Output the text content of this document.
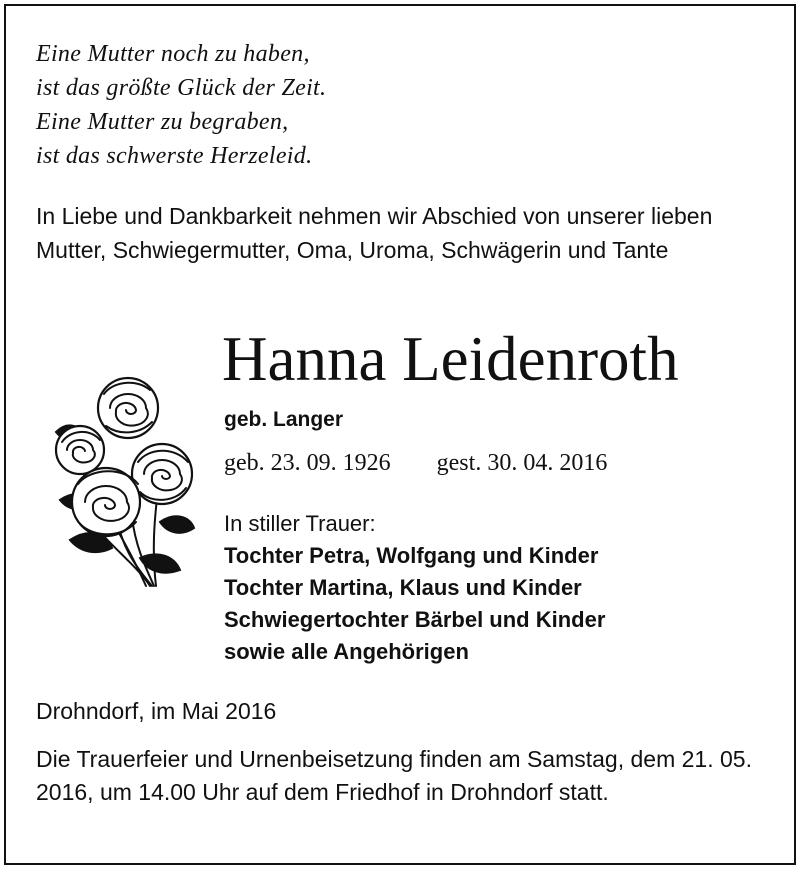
Eine Mutter noch zu haben,
ist das größte Glück der Zeit.
Eine Mutter zu begraben,
ist das schwerste Herzeleid.
In Liebe und Dankbarkeit nehmen wir Abschied von unserer lieben Mutter, Schwiegermutter, Oma, Uroma, Schwägerin und Tante
Hanna Leidenroth
geb. Langer
geb. 23. 09. 1926 gest. 30. 04. 2016
In stiller Trauer:
Tochter Petra, Wolfgang und Kinder
Tochter Martina, Klaus und Kinder
Schwiegertochter Bärbel und Kinder
sowie alle Angehörigen
Drohndorf, im Mai 2016
Die Trauerfeier und Urnenbeisetzung finden am Samstag, dem 21. 05. 2016, um 14.00 Uhr auf dem Friedhof in Drohndorf statt.
